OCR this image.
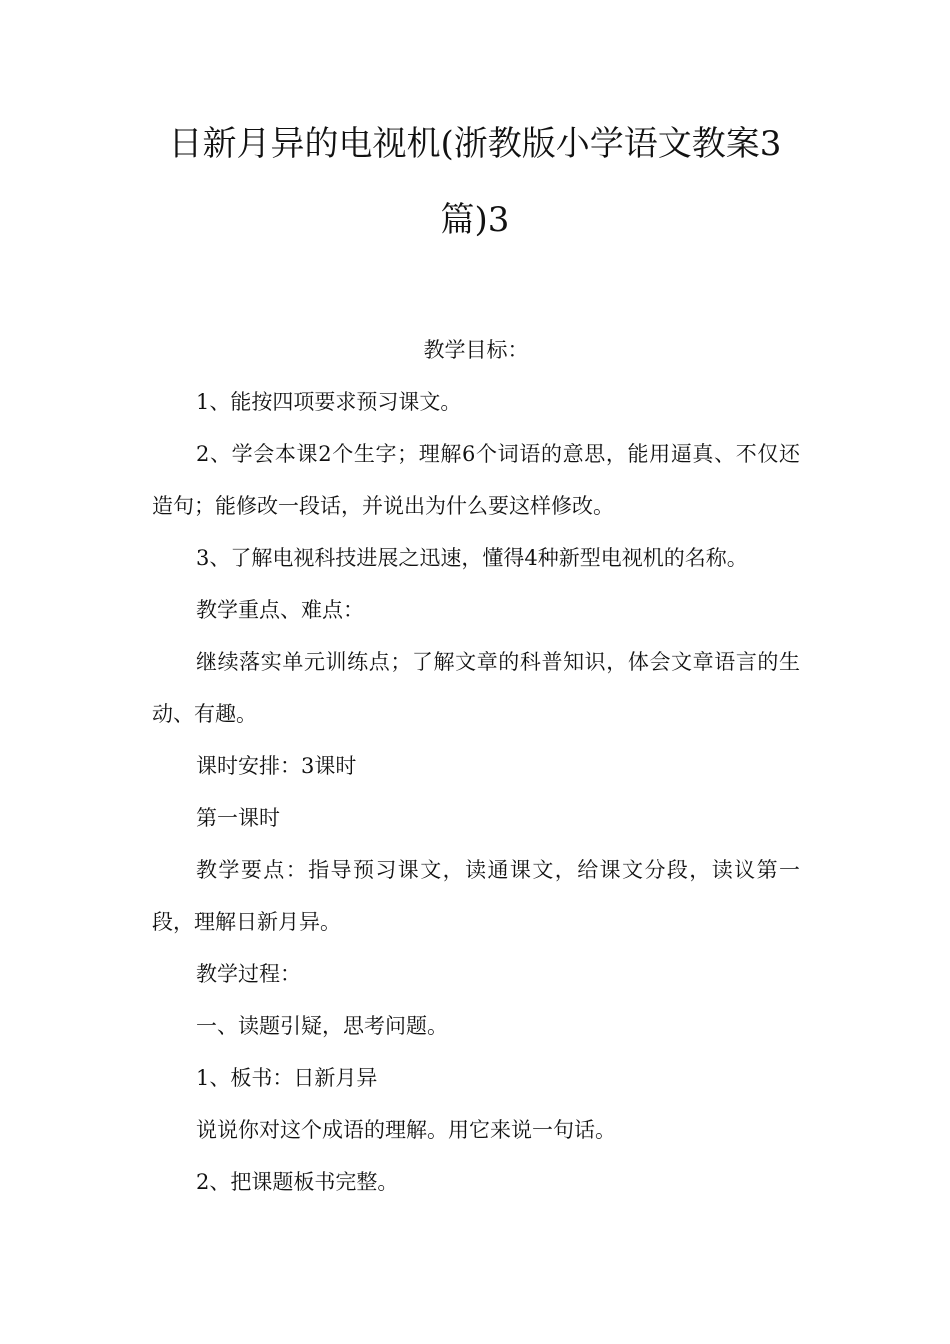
日新月异的电视机(浙教版小学语文教案3
篇)3

教学目标：

1、能按四项要求预习课文。

2、学会本课2个生字；理解6个词语的意思，能用逼真、不仅还造句；能修改一段话，并说出为什么要这样修改。

3、了解电视科技进展之迅速，懂得4种新型电视机的名称。

教学重点、难点：

继续落实单元训练点；了解文章的科普知识，体会文章语言的生动、有趣。

课时安排：3课时

第一课时

教学要点：指导预习课文，读通课文，给课文分段，读议第一段，理解日新月异。

教学过程：

一、读题引疑，思考问题。

1、板书：日新月异

说说你对这个成语的理解。用它来说一句话。

2、把课题板书完整。
